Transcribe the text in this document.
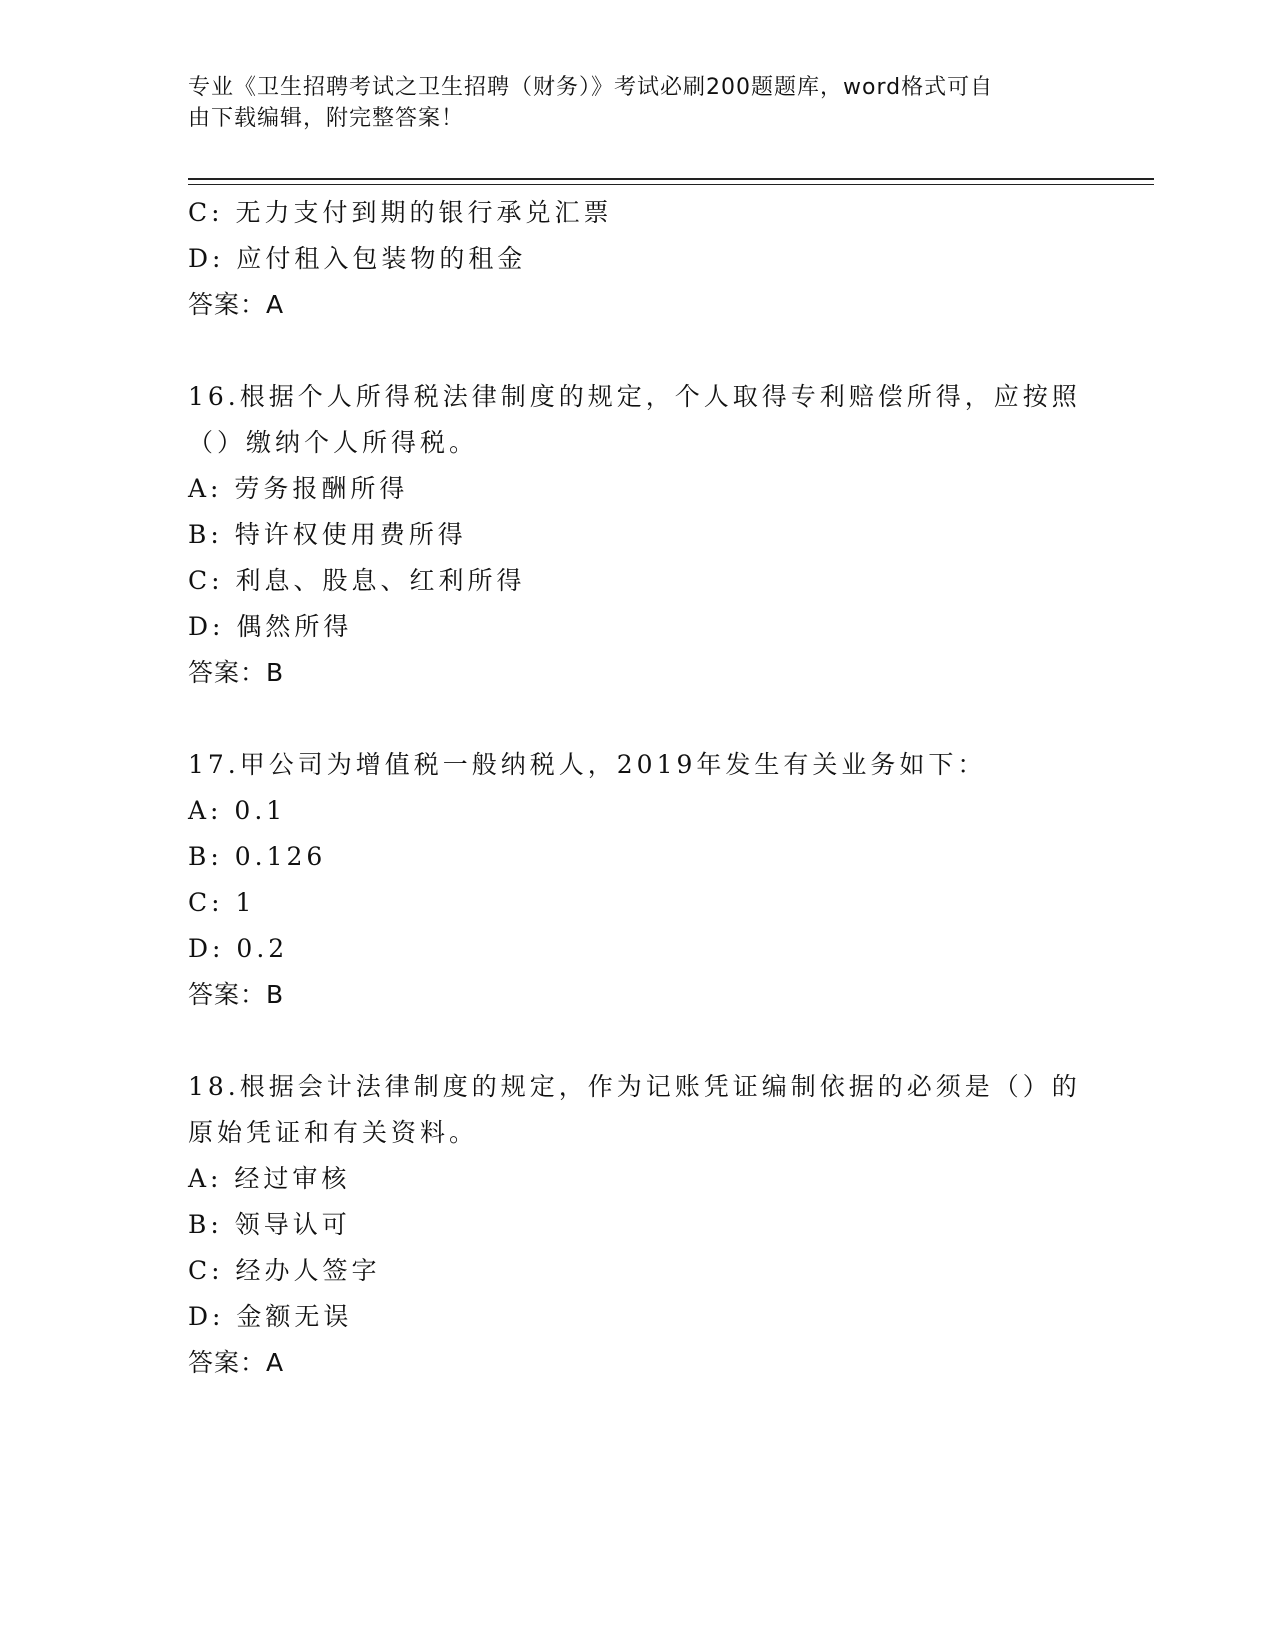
专业《卫生招聘考试之卫生招聘（财务）》考试必刷200题题库，word格式可自
由下载编辑，附完整答案！
C: 无力支付到期的银行承兑汇票
D: 应付租入包装物的租金
答案：A
16.根据个人所得税法律制度的规定，个人取得专利赔偿所得，应按照
（）缴纳个人所得税。
A: 劳务报酬所得
B: 特许权使用费所得
C: 利息、股息、红利所得
D: 偶然所得
答案：B
17.甲公司为增值税一般纳税人，2019年发生有关业务如下：
A: 0.1
B: 0.126
C: 1
D: 0.2
答案：B
18.根据会计法律制度的规定，作为记账凭证编制依据的必须是（）的
原始凭证和有关资料。
A: 经过审核
B: 领导认可
C: 经办人签字
D: 金额无误
答案：A
